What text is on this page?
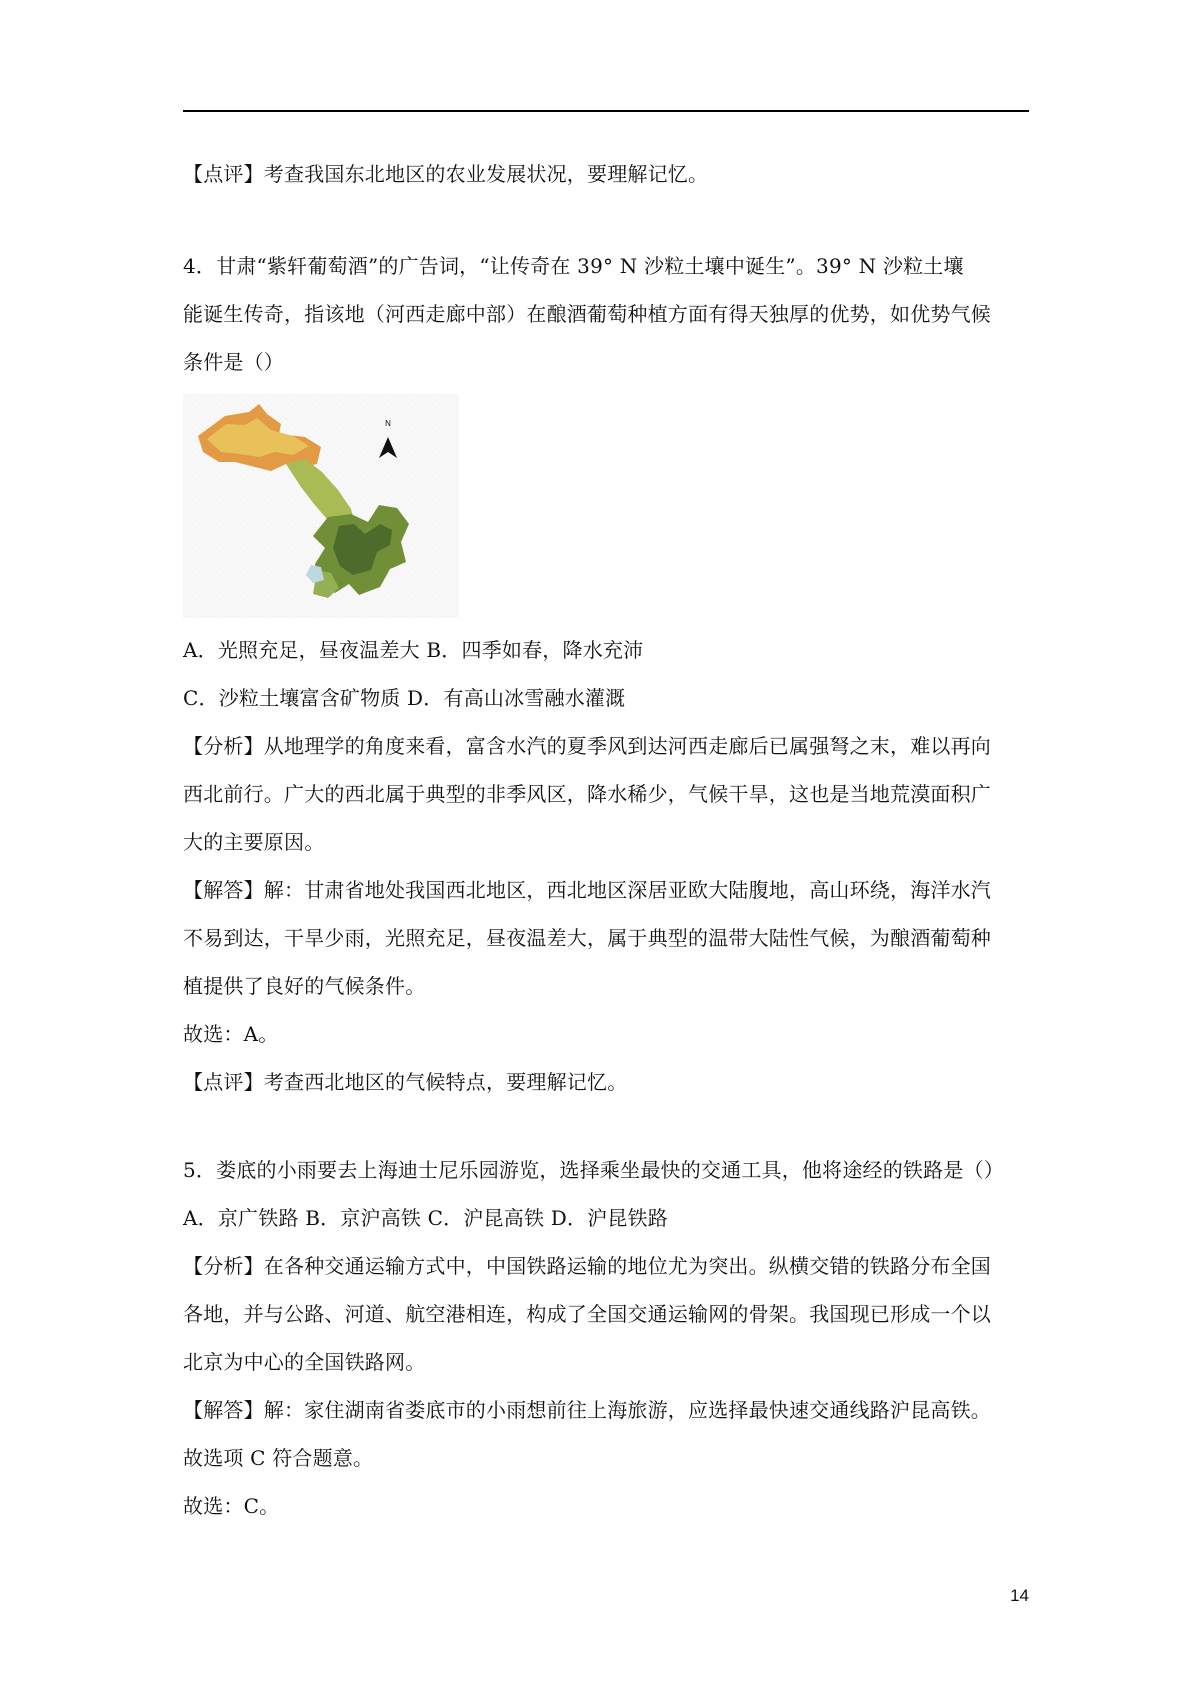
【点评】考查我国东北地区的农业发展状况，要理解记忆。
4．甘肃“紫轩葡萄酒”的广告词，“让传奇在 39° N 沙粒土壤中诞生”。39° N 沙粒土壤
能诞生传奇，指该地（河西走廊中部）在酿酒葡萄种植方面有得天独厚的优势，如优势气候
条件是（）
N
A．光照充足，昼夜温差大 B．四季如春，降水充沛
C．沙粒土壤富含矿物质 D．有高山冰雪融水灌溉
【分析】从地理学的角度来看，富含水汽的夏季风到达河西走廊后已属强弩之末，难以再向
西北前行。广大的西北属于典型的非季风区，降水稀少，气候干旱，这也是当地荒漠面积广
大的主要原因。
【解答】解：甘肃省地处我国西北地区，西北地区深居亚欧大陆腹地，高山环绕，海洋水汽
不易到达，干旱少雨，光照充足，昼夜温差大，属于典型的温带大陆性气候，为酿酒葡萄种
植提供了良好的气候条件。
故选：A。
【点评】考查西北地区的气候特点，要理解记忆。
5．娄底的小雨要去上海迪士尼乐园游览，选择乘坐最快的交通工具，他将途经的铁路是（）
A．京广铁路 B．京沪高铁 C．沪昆高铁 D．沪昆铁路
【分析】在各种交通运输方式中，中国铁路运输的地位尤为突出。纵横交错的铁路分布全国
各地，并与公路、河道、航空港相连，构成了全国交通运输网的骨架。我国现已形成一个以
北京为中心的全国铁路网。
【解答】解：家住湖南省娄底市的小雨想前往上海旅游，应选择最快速交通线路沪昆高铁。
故选项 C 符合题意。
故选：C。
14
